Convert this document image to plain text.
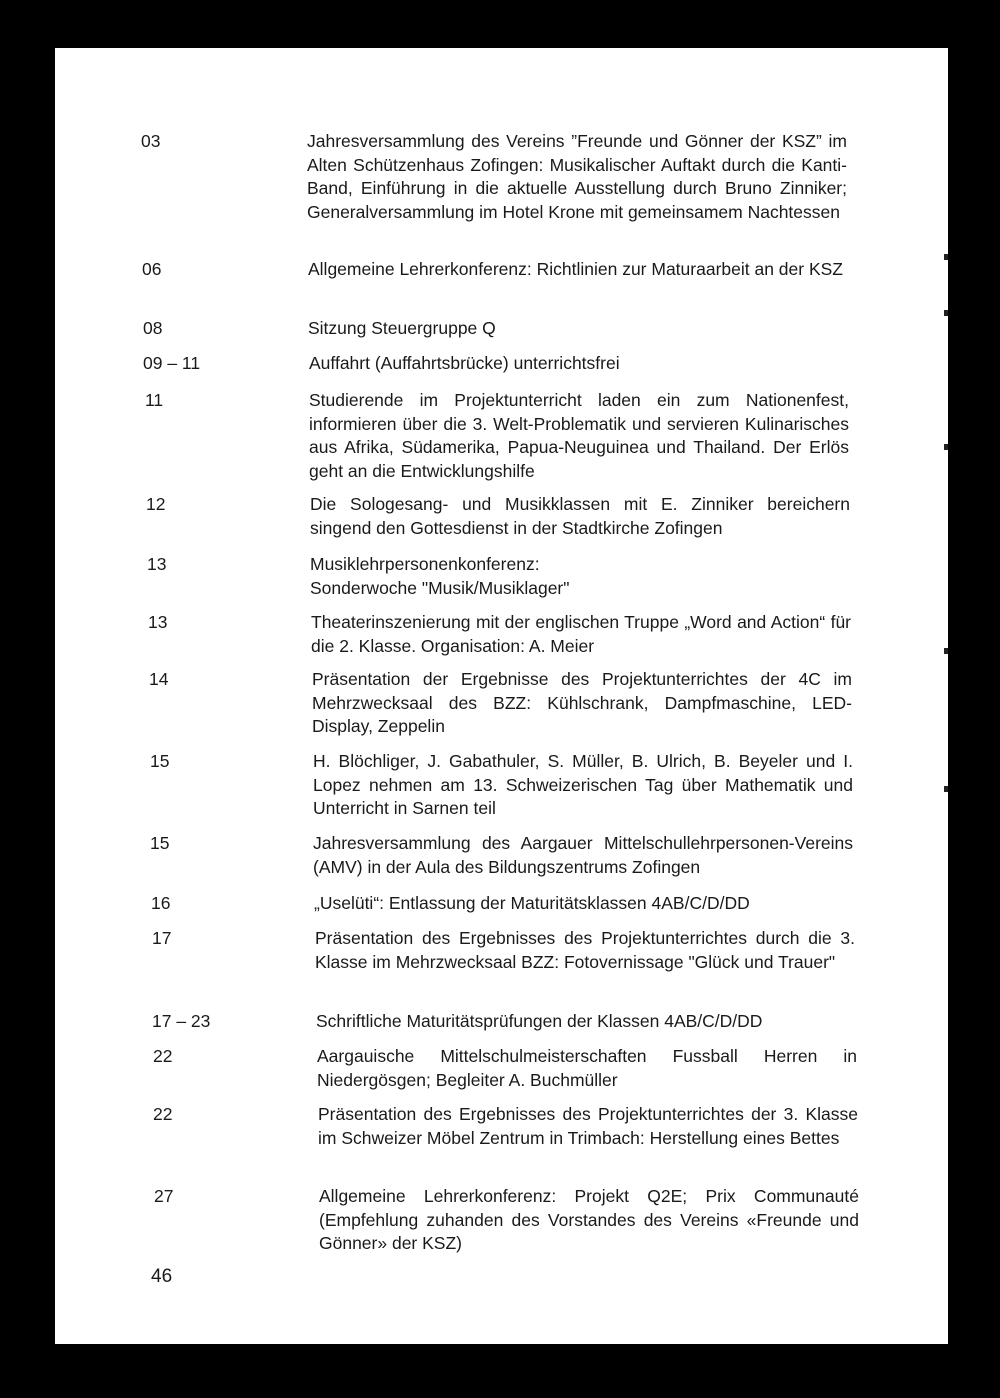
03	Jahresversammlung des Vereins ”Freunde und Gönner der KSZ” im Alten Schützenhaus Zofingen: Musikalischer Auftakt durch die Kanti-Band, Einführung in die aktuelle Ausstellung durch Bruno Zinniker; Generalversammlung im Hotel Krone mit gemeinsamem Nachtessen
06	Allgemeine Lehrerkonferenz: Richtlinien zur Maturaarbeit an der KSZ
08	Sitzung Steuergruppe Q
09 – 11	Auffahrt (Auffahrtsbrücke) unterrichtsfrei
11	Studierende im Projektunterricht laden ein zum Nationenfest, informieren über die 3. Welt-Problematik und servieren Kulinarisches aus Afrika, Südamerika, Papua-Neuguinea und Thailand. Der Erlös geht an die Entwicklungshilfe
12	Die Sologesang- und Musikklassen mit E. Zinniker bereichern singend den Gottesdienst in der Stadtkirche Zofingen
13	Musiklehrpersonenkonferenz: Sonderwoche "Musik/Musiklager"
13	Theaterinszenierung mit der englischen Truppe „Word and Action“ für die 2. Klasse. Organisation: A. Meier
14	Präsentation der Ergebnisse des Projektunterrichtes der 4C im Mehrzwecksaal des BZZ: Kühlschrank, Dampfmaschine, LED-Display, Zeppelin
15	H. Blöchliger, J. Gabathuler, S. Müller, B. Ulrich, B. Beyeler und I. Lopez nehmen am 13. Schweizerischen Tag über Mathematik und Unterricht in Sarnen teil
15	Jahresversammlung des Aargauer Mittelschullehrpersonen-Vereins (AMV) in der Aula des Bildungszentrums Zofingen
16	„Uselüti“: Entlassung der Maturitätsklassen 4AB/C/D/DD
17	Präsentation des Ergebnisses des Projektunterrichtes durch die 3. Klasse im Mehrzwecksaal BZZ: Fotovernissage "Glück und Trauer"
17 – 23	Schriftliche Maturitätsprüfungen der Klassen 4AB/C/D/DD
22	Aargauische Mittelschulmeisterschaften Fussball Herren in Niedergösgen; Begleiter A. Buchmüller
22	Präsentation des Ergebnisses des Projektunterrichtes der 3. Klasse im Schweizer Möbel Zentrum in Trimbach: Herstellung eines Bettes
27	Allgemeine Lehrerkonferenz: Projekt Q2E; Prix Communauté (Empfehlung zuhanden des Vorstandes des Vereins «Freunde und Gönner» der KSZ)
46
